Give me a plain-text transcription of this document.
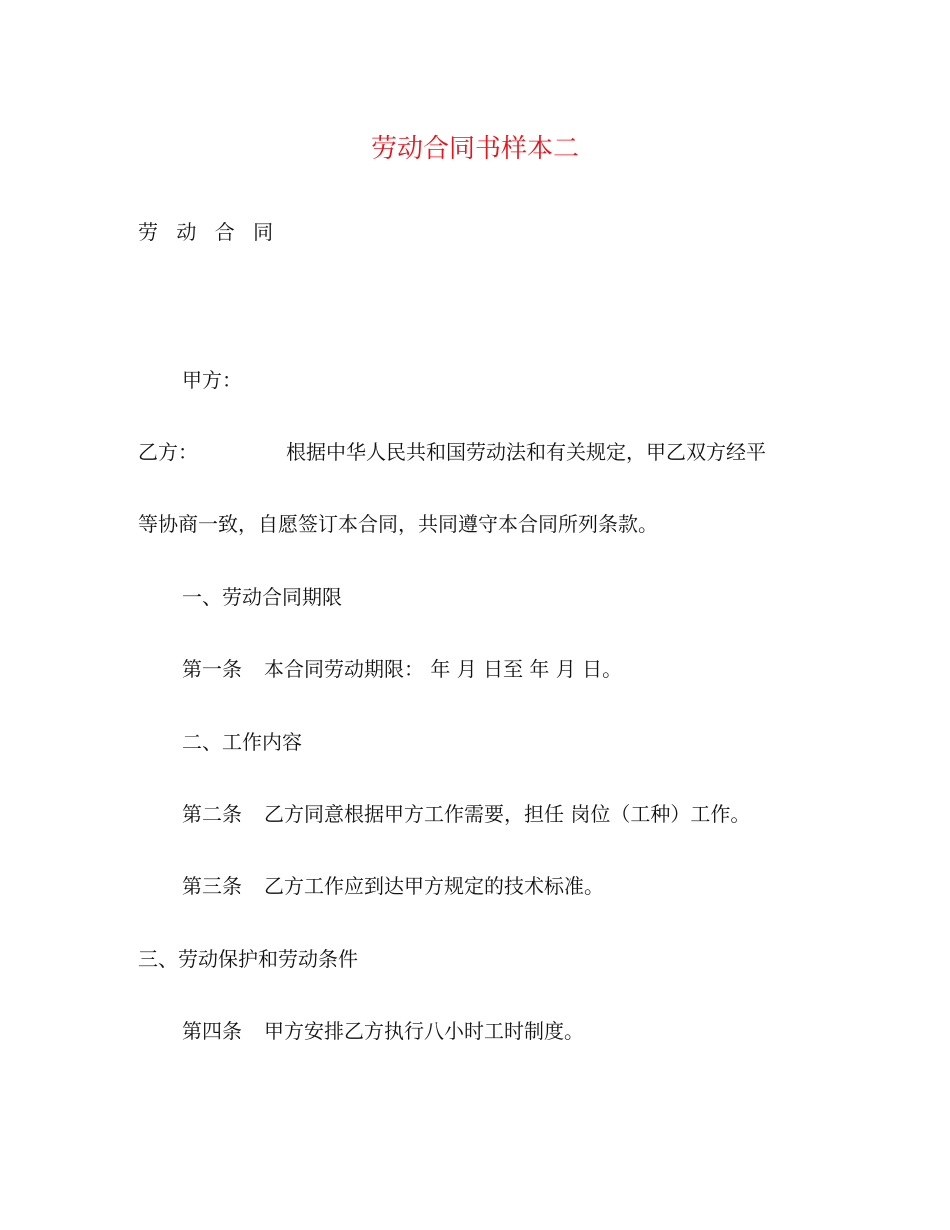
劳动合同书样本二
劳 动 合 同
甲方：
乙方：	根据中华人民共和国劳动法和有关规定，甲乙双方经平
等协商一致，自愿签订本合同，共同遵守本合同所列条款。
一、劳动合同期限
第一条 本合同劳动期限： 年 月 日至 年 月 日。
二、工作内容
第二条 乙方同意根据甲方工作需要，担任 岗位（工种）工作。
第三条 乙方工作应到达甲方规定的技术标准。
三、劳动保护和劳动条件
第四条 甲方安排乙方执行八小时工时制度。
